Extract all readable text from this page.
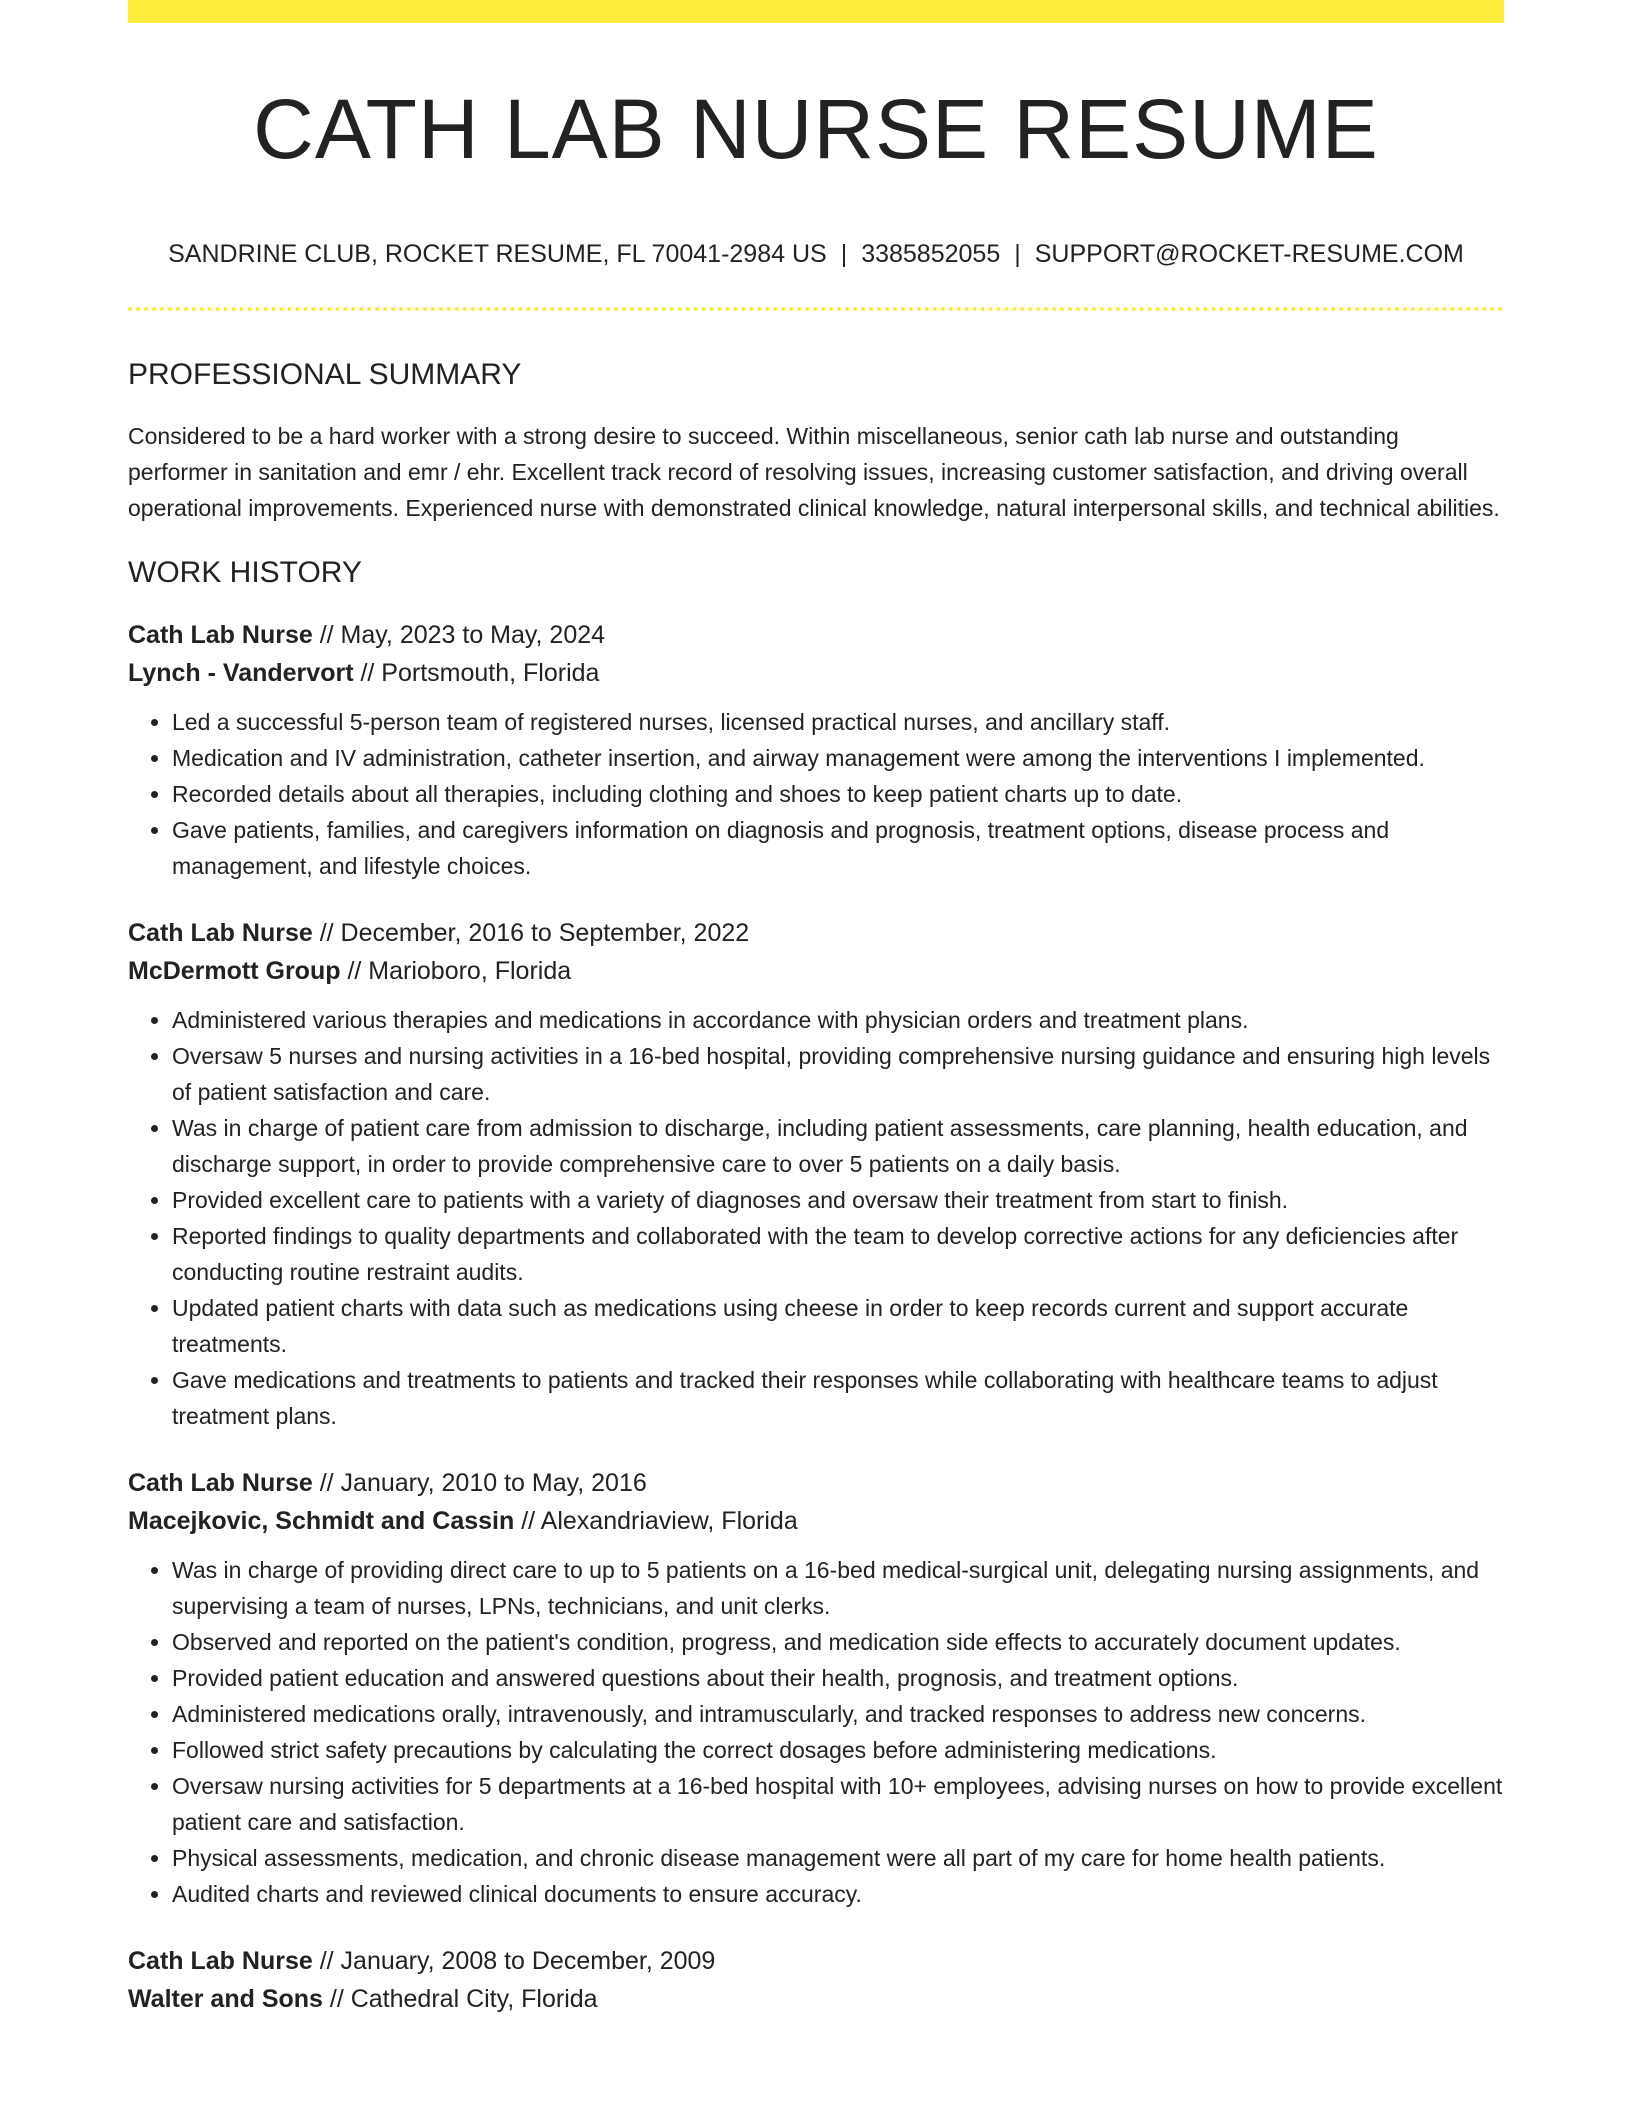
CATH LAB NURSE RESUME
SANDRINE CLUB, ROCKET RESUME, FL 70041-2984 US | 3385852055 | SUPPORT@ROCKET-RESUME.COM
PROFESSIONAL SUMMARY

Considered to be a hard worker with a strong desire to succeed. Within miscellaneous, senior cath lab nurse and outstanding performer in sanitation and emr / ehr. Excellent track record of resolving issues, increasing customer satisfaction, and driving overall operational improvements. Experienced nurse with demonstrated clinical knowledge, natural interpersonal skills, and technical abilities.

WORK HISTORY

Cath Lab Nurse // May, 2023 to May, 2024

Lynch - Vandervort // Portsmouth, Florida

• Led a successful 5-person team of registered nurses, licensed practical nurses, and ancillary staff.
• Medication and IV administration, catheter insertion, and airway management were among the interventions I implemented.
• Recorded details about all therapies, including clothing and shoes to keep patient charts up to date.
• Gave patients, families, and caregivers information on diagnosis and prognosis, treatment options, disease process and management, and lifestyle choices.

Cath Lab Nurse // December, 2016 to September, 2022

McDermott Group // Marioboro, Florida

• Administered various therapies and medications in accordance with physician orders and treatment plans.
• Oversaw 5 nurses and nursing activities in a 16-bed hospital, providing comprehensive nursing guidance and ensuring high levels of patient satisfaction and care.
• Was in charge of patient care from admission to discharge, including patient assessments, care planning, health education, and discharge support, in order to provide comprehensive care to over 5 patients on a daily basis.
• Provided excellent care to patients with a variety of diagnoses and oversaw their treatment from start to finish.
• Reported findings to quality departments and collaborated with the team to develop corrective actions for any deficiencies after conducting routine restraint audits.
• Updated patient charts with data such as medications using cheese in order to keep records current and support accurate treatments.
• Gave medications and treatments to patients and tracked their responses while collaborating with healthcare teams to adjust treatment plans.

Cath Lab Nurse // January, 2010 to May, 2016

Macejkovic, Schmidt and Cassin // Alexandriaview, Florida

• Was in charge of providing direct care to up to 5 patients on a 16-bed medical-surgical unit, delegating nursing assignments, and supervising a team of nurses, LPNs, technicians, and unit clerks.
• Observed and reported on the patient's condition, progress, and medication side effects to accurately document updates.
• Provided patient education and answered questions about their health, prognosis, and treatment options.
• Administered medications orally, intravenously, and intramuscularly, and tracked responses to address new concerns.
• Followed strict safety precautions by calculating the correct dosages before administering medications.
• Oversaw nursing activities for 5 departments at a 16-bed hospital with 10+ employees, advising nurses on how to provide excellent patient care and satisfaction.
• Physical assessments, medication, and chronic disease management were all part of my care for home health patients.
• Audited charts and reviewed clinical documents to ensure accuracy.

Cath Lab Nurse // January, 2008 to December, 2009

Walter and Sons // Cathedral City, Florida
